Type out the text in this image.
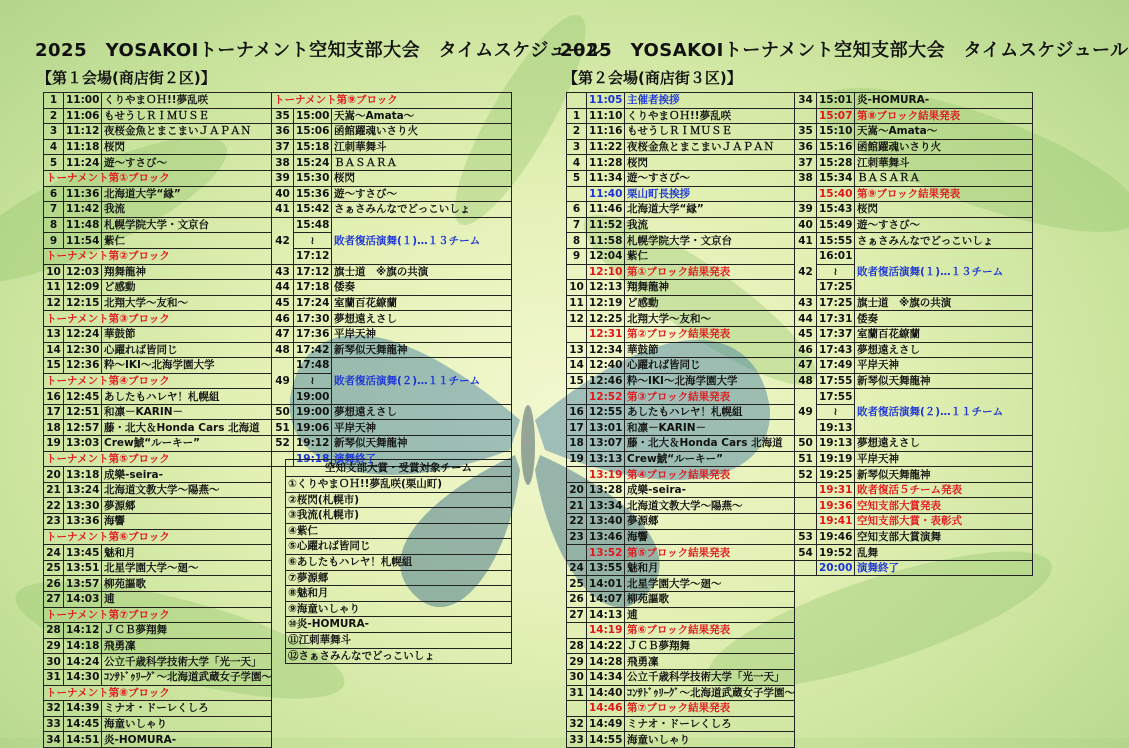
2025　YOSAKOIトーナメント空知支部大会　タイムスケジュール
【第１会場(商店街２区)】
1	11:00	くりやまＯＨ!!夢乱咲
2	11:06	もせうしＲＩＭＵＳＥ
3	11:12	夜桜金魚とまこまいＪＡＰＡＮ
4	11:18	桜閃
5	11:24	遊～すさび～
トーナメント第①ブロック		
6	11:36	北海道大学“縁”
7	11:42	我流
8	11:48	札幌学院大学・文京台
9	11:54	紫仁
トーナメント第②ブロック		
10	12:03	翔舞龍神
11	12:09	ど感動
12	12:15	北翔大学～友和～
トーナメント第③ブロック		
13	12:24	華鼓節
14	12:30	心躍れば皆同じ
15	12:36	粋～IKI～北海学園大学
トーナメント第④ブロック		
16	12:45	あしたもハレヤ！札幌組
17	12:51	和凛－KARIN－
18	12:57	藤・北大＆Honda Cars 北海道
19	13:03	Crew鯱“ルーキー”
トーナメント第⑤ブロック		
20	13:18	成樂-seira-
21	13:24	北海道文教大学～陽燕～
22	13:30	夢源郷
23	13:36	海響
トーナメント第⑥ブロック		
24	13:45	魅和月
25	13:51	北星学園大学～廻～
26	13:57	柳苑謳歌
27	14:03	逋
トーナメント第⑦ブロック		
28	14:12	ＪＣＢ夢翔舞
29	14:18	飛勇凜
30	14:24	公立千歳科学技術大学「光一天」
31	14:30	ｺﾝｻﾄﾞｩﾘｰｸﾞ～北海道武蔵女子学園～
トーナメント第⑧ブロック		
32	14:39	ミナオ・ドーレくしろ
33	14:45	海童いしゃり
34	14:51	炎-HOMURA-
トーナメント第⑨ブロック		
35	15:00	天嵩～Amata～
36	15:06	函館躍魂いさり火
37	15:18	江刺華舞斗
38	15:24	ＢＡＳＡＲＡ
39	15:30	桜閃
40	15:36	遊～すさび～
41	15:42	さぁさみんなでどっこいしょ
42	15:48	敗者復活演舞(１)…１３チーム
	≀	
	17:12	
43	17:12	旗士道　※旗の共演
44	17:18	倭奏
45	17:24	室蘭百花繚蘭
46	17:30	夢想遠えさし
47	17:36	平岸天神
48	17:42	新琴似天舞龍神
49	17:48	敗者復活演舞(２)…１１チーム
	≀	
	19:00	
50	19:00	夢想遠えさし
51	19:06	平岸天神
52	19:12	新琴似天舞龍神
	19:18	演舞終了
空知支部大賞・受賞対象チーム
①くりやまＯＨ!!夢乱咲(栗山町)
②桜閃(札幌市)
③我流(札幌市)
④紫仁
⑤心躍れば皆同じ
⑥あしたもハレヤ！札幌組
⑦夢源郷
⑧魅和月
⑨海童いしゃり
⑩炎-HOMURA-
⑪江刺華舞斗
⑫さぁさみんなでどっこいしょ
2025　YOSAKOIトーナメント空知支部大会　タイムスケジュール
【第２会場(商店街３区)】
	11:05	主催者挨拶
1	11:10	くりやまＯＨ!!夢乱咲
2	11:16	もせうしＲＩＭＵＳＥ
3	11:22	夜桜金魚とまこまいＪＡＰＡＮ
4	11:28	桜閃
5	11:34	遊～すさび～
	11:40	栗山町長挨拶
6	11:46	北海道大学“縁”
7	11:52	我流
8	11:58	札幌学院大学・文京台
9	12:04	紫仁
	12:10	第①ブロック結果発表
10	12:13	翔舞龍神
11	12:19	ど感動
12	12:25	北翔大学～友和～
	12:31	第②ブロック結果発表
13	12:34	華鼓節
14	12:40	心躍れば皆同じ
15	12:46	粋～IKI～北海学園大学
	12:52	第③ブロック結果発表
16	12:55	あしたもハレヤ！札幌組
17	13:01	和凛－KARIN－
18	13:07	藤・北大＆Honda Cars 北海道
19	13:13	Crew鯱“ルーキー”
	13:19	第④ブロック結果発表
20	13:28	成樂-seira-
21	13:34	北海道文教大学～陽燕～
22	13:40	夢源郷
23	13:46	海響
	13:52	第⑤ブロック結果発表
24	13:55	魅和月
25	14:01	北星学園大学～廻～
26	14:07	柳苑謳歌
27	14:13	逋
	14:19	第⑥ブロック結果発表
28	14:22	ＪＣＢ夢翔舞
29	14:28	飛勇凜
30	14:34	公立千歳科学技術大学「光一天」
31	14:40	ｺﾝｻﾄﾞｩﾘｰｸﾞ～北海道武蔵女子学園～
	14:46	第⑦ブロック結果発表
32	14:49	ミナオ・ドーレくしろ
33	14:55	海童いしゃり
34	15:01	炎-HOMURA-
	15:07	第⑧ブロック結果発表
35	15:10	天嵩～Amata～
36	15:16	函館躍魂いさり火
37	15:28	江刺華舞斗
38	15:34	ＢＡＳＡＲＡ
	15:40	第⑨ブロック結果発表
39	15:43	桜閃
40	15:49	遊～すさび～
41	15:55	さぁさみんなでどっこいしょ
42	16:01	敗者復活演舞(１)…１３チーム
	≀	
	17:25	
43	17:25	旗士道　※旗の共演
44	17:31	倭奏
45	17:37	室蘭百花繚蘭
46	17:43	夢想遠えさし
47	17:49	平岸天神
48	17:55	新琴似天舞龍神
49	17:55	敗者復活演舞(２)…１１チーム
	≀	
	19:13	
50	19:13	夢想遠えさし
51	19:19	平岸天神
52	19:25	新琴似天舞龍神
	19:31	敗者復活５チーム発表
	19:36	空知支部大賞発表
	19:41	空知支部大賞・表彰式
53	19:46	空知支部大賞演舞
54	19:52	乱舞
	20:00	演舞終了
